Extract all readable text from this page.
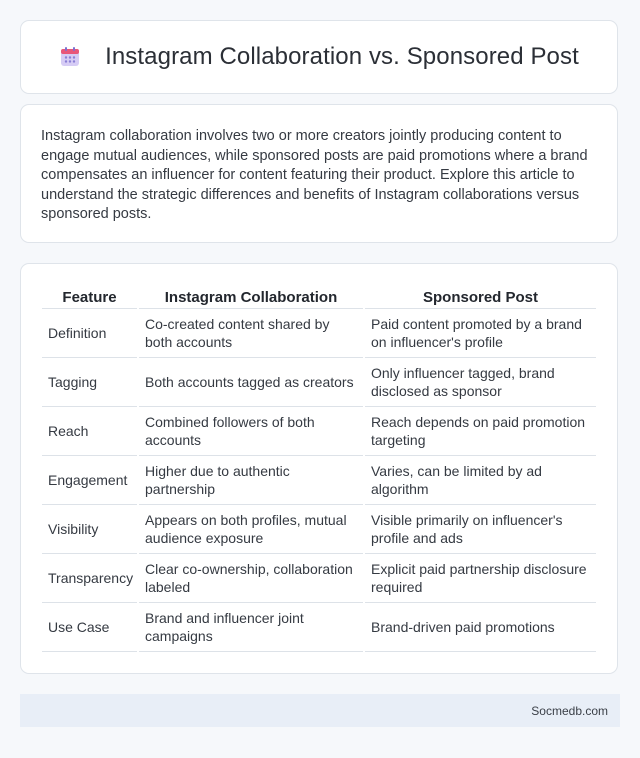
Instagram Collaboration vs. Sponsored Post

Instagram collaboration involves two or more creators jointly producing content to engage mutual audiences, while sponsored posts are paid promotions where a brand compensates an influencer for content featuring their product. Explore this article to understand the strategic differences and benefits of Instagram collaborations versus sponsored posts.

Feature	Instagram Collaboration	Sponsored Post
Definition	Co-created content shared by both accounts	Paid content promoted by a brand on influencer's profile
Tagging	Both accounts tagged as creators	Only influencer tagged, brand disclosed as sponsor
Reach	Combined followers of both accounts	Reach depends on paid promotion targeting
Engagement	Higher due to authentic partnership	Varies, can be limited by ad algorithm
Visibility	Appears on both profiles, mutual audience exposure	Visible primarily on influencer's profile and ads
Transparency	Clear co-ownership, collaboration labeled	Explicit paid partnership disclosure required
Use Case	Brand and influencer joint campaigns	Brand-driven paid promotions
Socmedb.com
